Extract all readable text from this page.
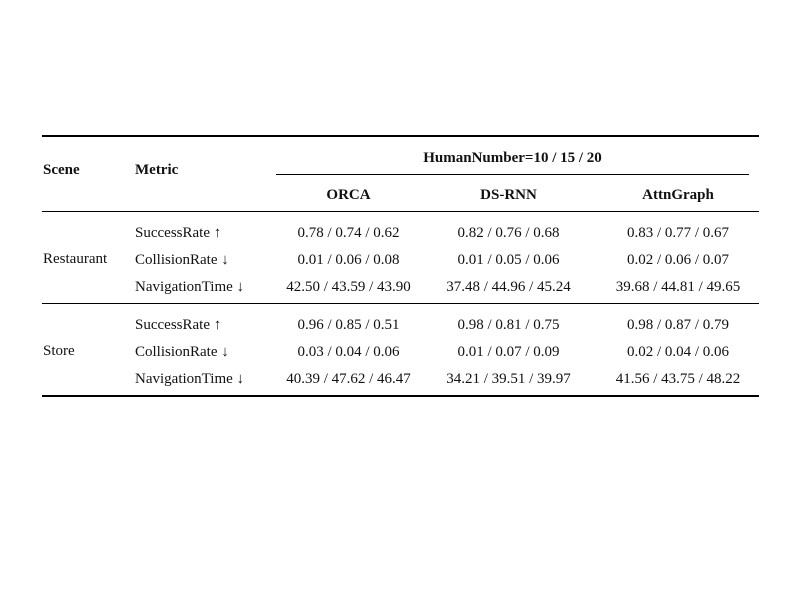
Scene	Metric
HumanNumber=10 / 15 / 20
ORCA	DS-RNN	AttnGraph
Restaurant
SuccessRate ↑	0.78 / 0.74 / 0.62	0.82 / 0.76 / 0.68	0.83 / 0.77 / 0.67
CollisionRate ↓	0.01 / 0.06 / 0.08	0.01 / 0.05 / 0.06	0.02 / 0.06 / 0.07
NavigationTime ↓	42.50 / 43.59 / 43.90	37.48 / 44.96 / 45.24	39.68 / 44.81 / 49.65
Store
SuccessRate ↑	0.96 / 0.85 / 0.51	0.98 / 0.81 / 0.75	0.98 / 0.87 / 0.79
CollisionRate ↓	0.03 / 0.04 / 0.06	0.01 / 0.07 / 0.09	0.02 / 0.04 / 0.06
NavigationTime ↓	40.39 / 47.62 / 46.47	34.21 / 39.51 / 39.97	41.56 / 43.75 / 48.22
